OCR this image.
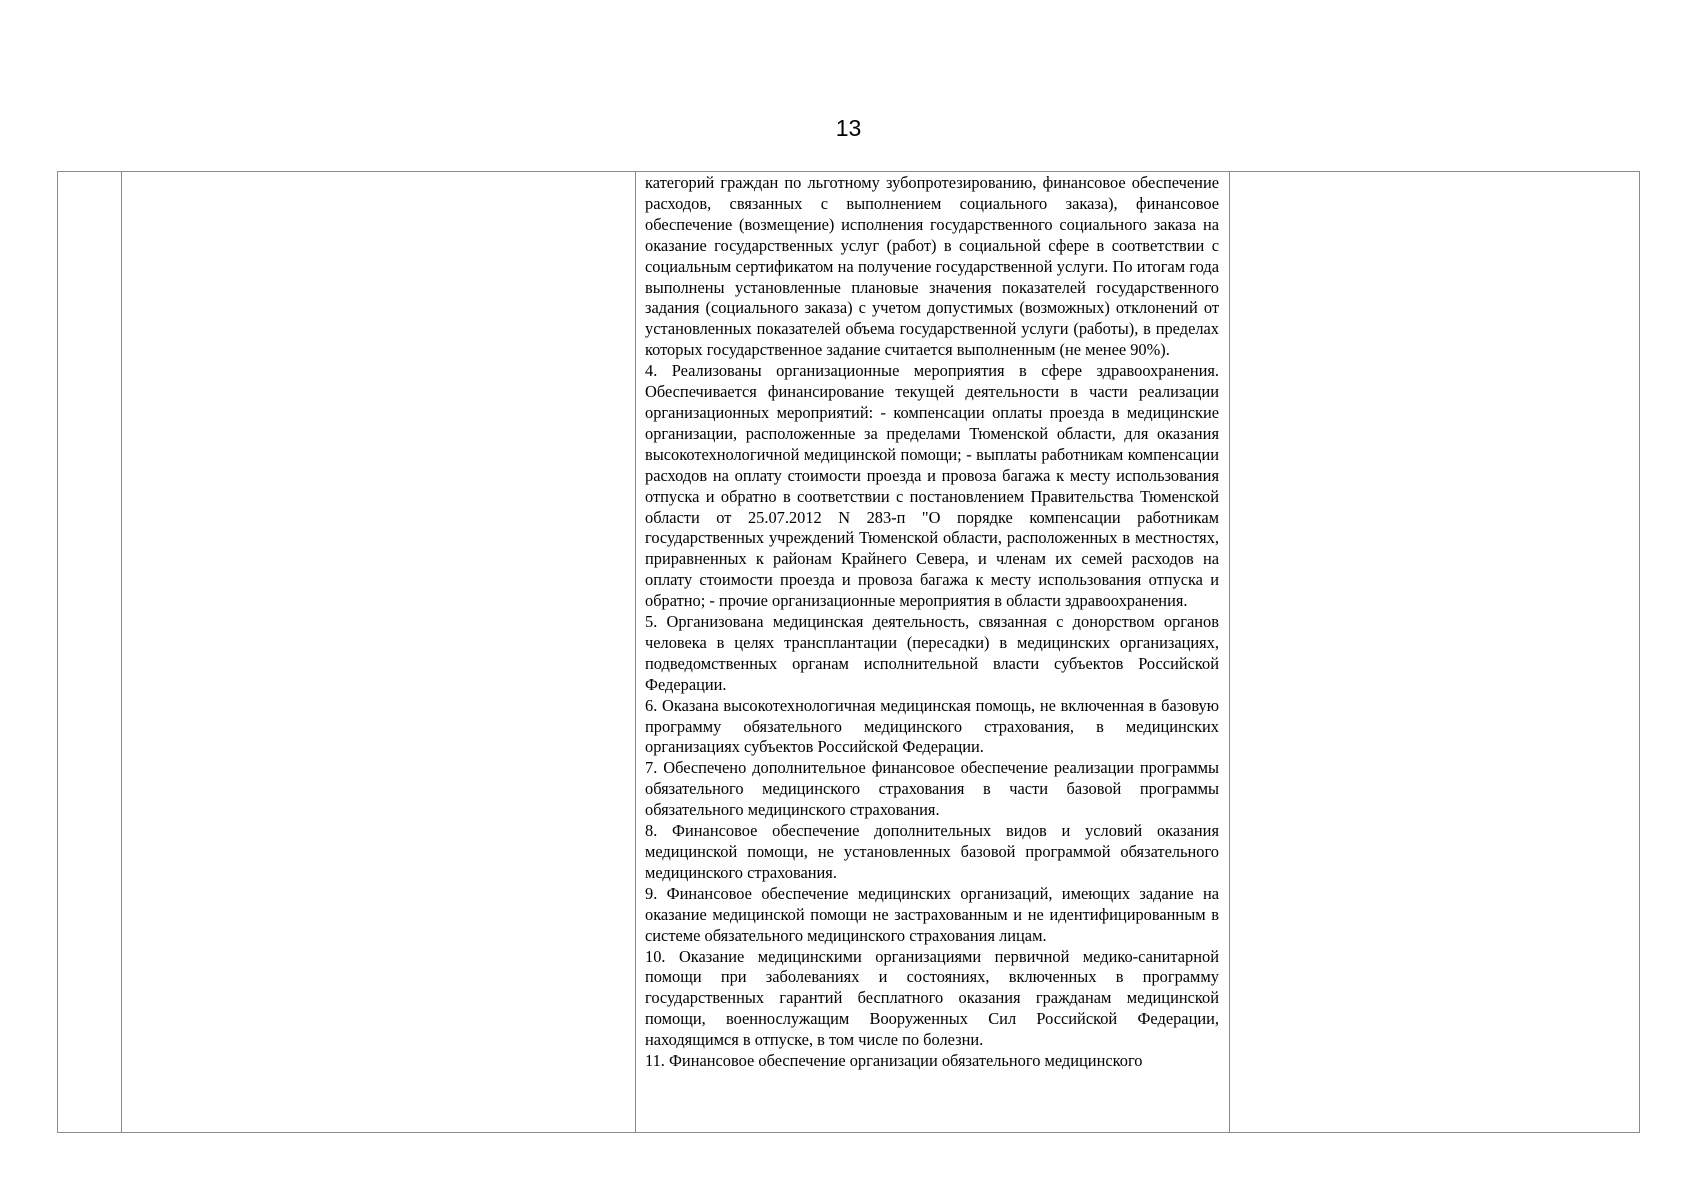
13

категорий граждан по льготному зубопротезированию, финансовое обеспечение расходов, связанных с выполнением социального заказа), финансовое обеспечение (возмещение) исполнения государственного социального заказа на оказание государственных услуг (работ) в социальной сфере в соответствии с социальным сертификатом на получение государственной услуги. По итогам года выполнены установленные плановые значения показателей государственного задания (социального заказа) с учетом допустимых (возможных) отклонений от установленных показателей объема государственной услуги (работы), в пределах которых государственное задание считается выполненным (не менее 90%).

4. Реализованы организационные мероприятия в сфере здравоохранения. Обеспечивается финансирование текущей деятельности в части реализации организационных мероприятий: - компенсации оплаты проезда в медицинские организации, расположенные за пределами Тюменской области, для оказания высокотехнологичной медицинской помощи; - выплаты работникам компенсации расходов на оплату стоимости проезда и провоза багажа к месту использования отпуска и обратно в соответствии с постановлением Правительства Тюменской области от 25.07.2012 N 283-п "О порядке компенсации работникам государственных учреждений Тюменской области, расположенных в местностях, приравненных к районам Крайнего Севера, и членам их семей расходов на оплату стоимости проезда и провоза багажа к месту использования отпуска и обратно; - прочие организационные мероприятия в области здравоохранения.

5. Организована медицинская деятельность, связанная с донорством органов человека в целях трансплантации (пересадки) в медицинских организациях, подведомственных органам исполнительной власти субъектов Российской Федерации.

6. Оказана высокотехнологичная медицинская помощь, не включенная в базовую программу обязательного медицинского страхования, в медицинских организациях субъектов Российской Федерации.

7. Обеспечено дополнительное финансовое обеспечение реализации программы обязательного медицинского страхования в части базовой программы обязательного медицинского страхования.

8. Финансовое обеспечение дополнительных видов и условий оказания медицинской помощи, не установленных базовой программой обязательного медицинского страхования.

9. Финансовое обеспечение медицинских организаций, имеющих задание на оказание медицинской помощи не застрахованным и не идентифицированным в системе обязательного медицинского страхования лицам.

10. Оказание медицинскими организациями первичной медико-санитарной помощи при заболеваниях и состояниях, включенных в программу государственных гарантий бесплатного оказания гражданам медицинской помощи, военнослужащим Вооруженных Сил Российской Федерации, находящимся в отпуске, в том числе по болезни.

11. Финансовое обеспечение организации обязательного медицинского
